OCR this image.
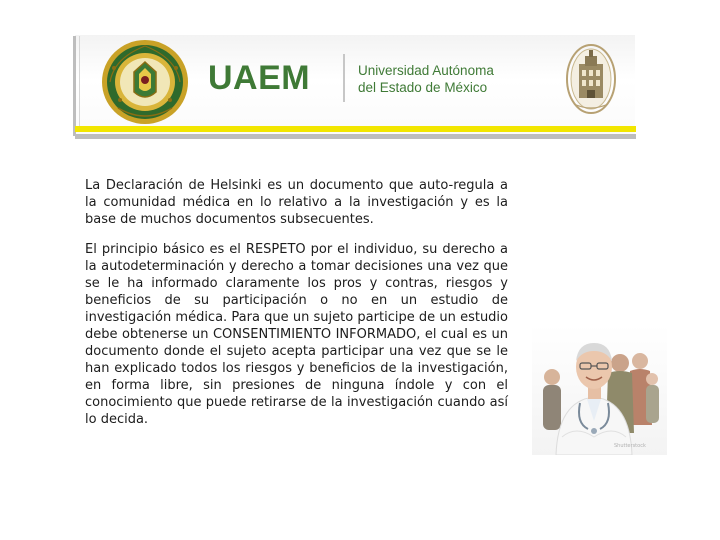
UAEM	Universidad Autónoma
del Estado de México

La Declaración de Helsinki es un documento que auto-regula a la comunidad médica en lo relativo a la investigación y es la base de muchos documentos subsecuentes.

El principio básico es el RESPETO por el individuo, su derecho a la autodeterminación y derecho a tomar decisiones una vez que se le ha informado claramente los pros y contras, riesgos y beneficios de su participación o no en un estudio de investigación médica. Para que un sujeto participe de un estudio debe obtenerse un CONSENTIMIENTO INFORMADO, el cual es un documento donde el sujeto acepta participar una vez que se le han explicado todos los riesgos y beneficios de la investigación, en forma libre, sin presiones de ninguna índole y con el conocimiento que puede retirarse de la investigación cuando así lo decida.

Shutterstock
